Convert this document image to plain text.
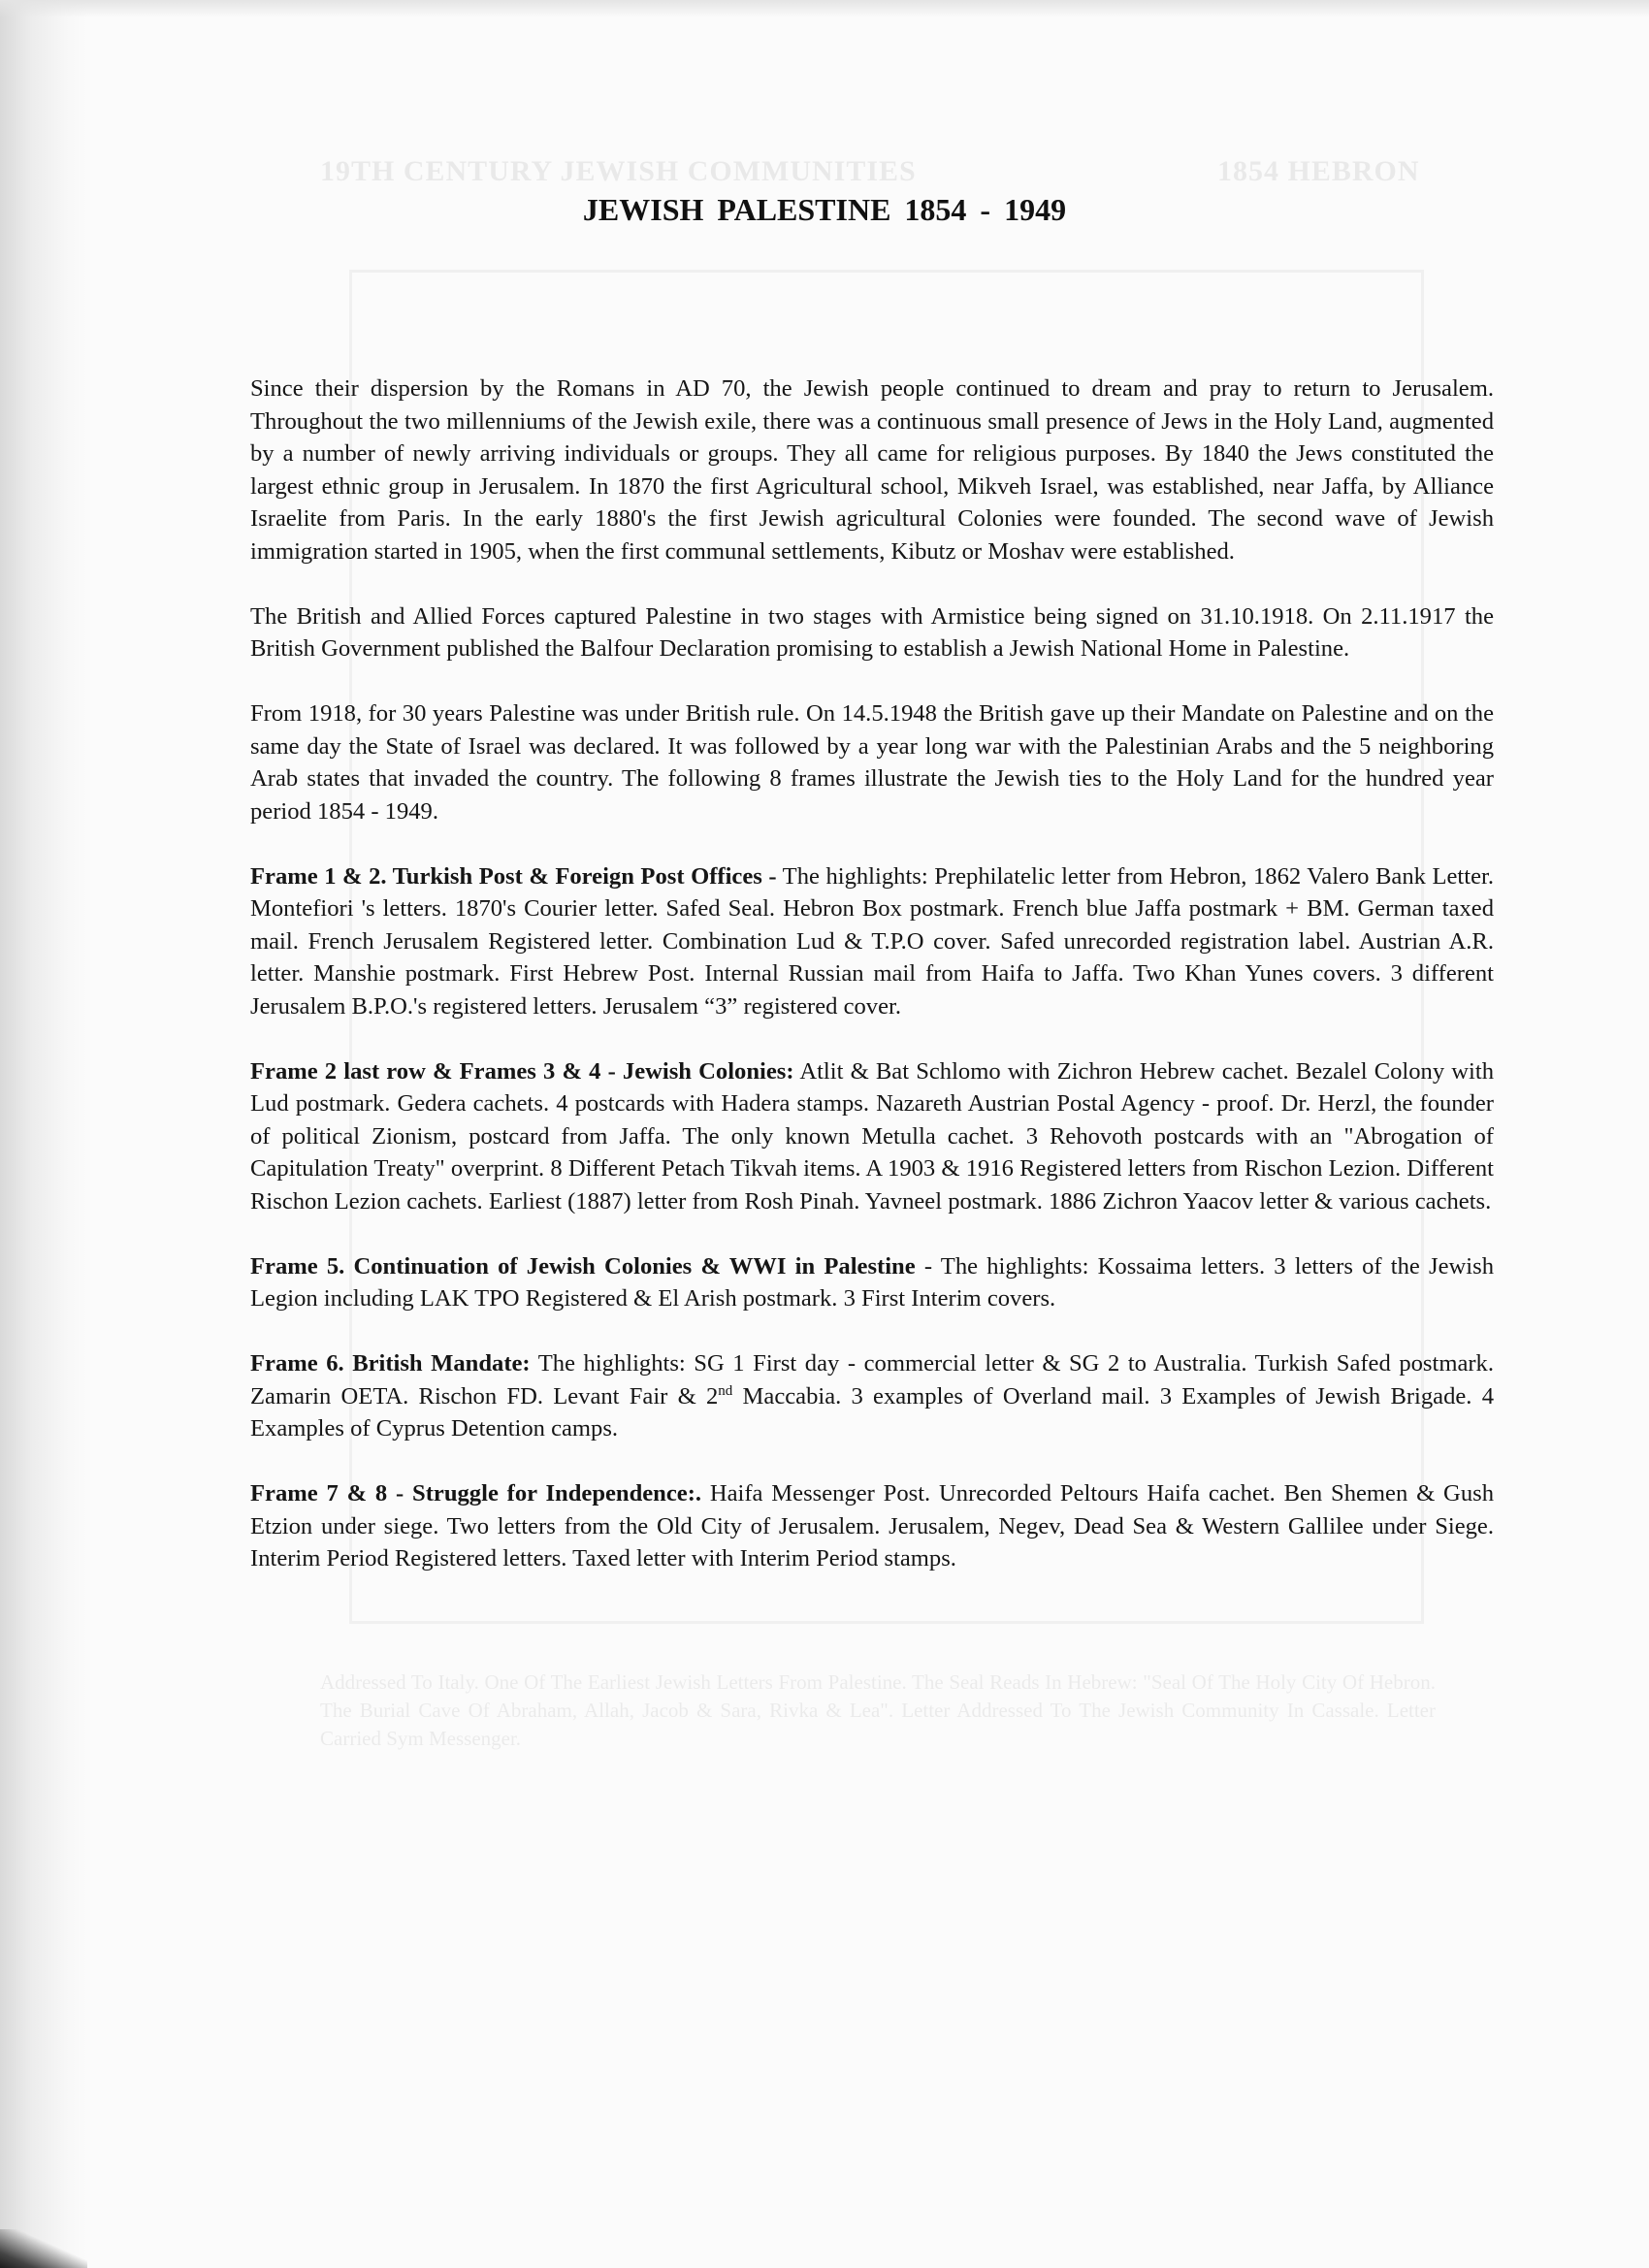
19TH CENTURY JEWISH COMMUNITIES	1854 HEBRON
Addressed To Italy. One Of The Earliest Jewish Letters From Palestine. The Seal Reads In Hebrew: "Seal Of The Holy City Of Hebron. The Burial Cave Of Abraham, Allah, Jacob & Sara, Rivka & Lea". Letter Addressed To The Jewish Community In Cassale. Letter Carried Sym Messenger.
JEWISH PALESTINE 1854 - 1949

Since their dispersion by the Romans in AD 70, the Jewish people continued to dream and pray to return to Jerusalem. Throughout the two millenniums of the Jewish exile, there was a continuous small presence of Jews in the Holy Land, augmented by a number of newly arriving individuals or groups. They all came for religious purposes. By 1840 the Jews constituted the largest ethnic group in Jerusalem. In 1870 the first Agricultural school, Mikveh Israel, was established, near Jaffa, by Alliance Israelite from Paris. In the early 1880's the first Jewish agricultural Colonies were founded. The second wave of Jewish immigration started in 1905, when the first communal settlements, Kibutz or Moshav were established.

The British and Allied Forces captured Palestine in two stages with Armistice being signed on 31.10.1918. On 2.11.1917 the British Government published the Balfour Declaration promising to establish a Jewish National Home in Palestine.

From 1918, for 30 years Palestine was under British rule. On 14.5.1948 the British gave up their Mandate on Palestine and on the same day the State of Israel was declared. It was followed by a year long war with the Palestinian Arabs and the 5 neighboring Arab states that invaded the country. The following 8 frames illustrate the Jewish ties to the Holy Land for the hundred year period 1854 - 1949.

Frame 1 & 2. Turkish Post & Foreign Post Offices - The highlights: Prephilatelic letter from Hebron, 1862 Valero Bank Letter. Montefiori 's letters. 1870's Courier letter. Safed Seal. Hebron Box postmark. French blue Jaffa postmark + BM. German taxed mail. French Jerusalem Registered letter. Combination Lud & T.P.O cover. Safed unrecorded registration label. Austrian A.R. letter. Manshie postmark. First Hebrew Post. Internal Russian mail from Haifa to Jaffa. Two Khan Yunes covers. 3 different Jerusalem B.P.O.'s registered letters. Jerusalem “3” registered cover.

Frame 2 last row & Frames 3 & 4 - Jewish Colonies: Atlit & Bat Schlomo with Zichron Hebrew cachet. Bezalel Colony with Lud postmark. Gedera cachets. 4 postcards with Hadera stamps. Nazareth Austrian Postal Agency - proof. Dr. Herzl, the founder of political Zionism, postcard from Jaffa. The only known Metulla cachet. 3 Rehovoth postcards with an "Abrogation of Capitulation Treaty" overprint. 8 Different Petach Tikvah items. A 1903 & 1916 Registered letters from Rischon Lezion. Different Rischon Lezion cachets. Earliest (1887) letter from Rosh Pinah. Yavneel postmark. 1886 Zichron Yaacov letter & various cachets.

Frame 5. Continuation of Jewish Colonies & WWI in Palestine - The highlights: Kossaima letters. 3 letters of the Jewish Legion including LAK TPO Registered & El Arish postmark. 3 First Interim covers.

Frame 6. British Mandate: The highlights: SG 1 First day - commercial letter & SG 2 to Australia. Turkish Safed postmark. Zamarin OETA. Rischon FD. Levant Fair & 2nd Maccabia. 3 examples of Overland mail. 3 Examples of Jewish Brigade. 4 Examples of Cyprus Detention camps.

Frame 7 & 8 - Struggle for Independence:. Haifa Messenger Post. Unrecorded Peltours Haifa cachet. Ben Shemen & Gush Etzion under siege. Two letters from the Old City of Jerusalem. Jerusalem, Negev, Dead Sea & Western Gallilee under Siege. Interim Period Registered letters. Taxed letter with Interim Period stamps.
